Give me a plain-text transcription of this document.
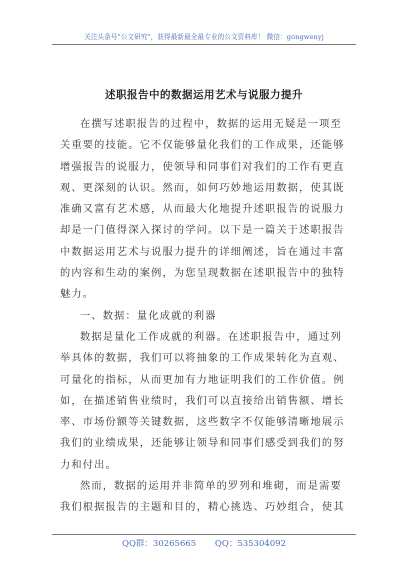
关注头条号"公文研究"，获得最新最全最专业的公文资料库！ 微信：gongwenyj
述职报告中的数据运用艺术与说服力提升
在撰写述职报告的过程中，数据的运用无疑是一项至
关重要的技能。它不仅能够量化我们的工作成果，还能够
增强报告的说服力，使领导和同事们对我们的工作有更直
观、更深刻的认识。然而，如何巧妙地运用数据，使其既
准确又富有艺术感，从而最大化地提升述职报告的说服力
却是一门值得深入探讨的学问。以下是一篇关于述职报告
中数据运用艺术与说服力提升的详细阐述，旨在通过丰富
的内容和生动的案例，为您呈现数据在述职报告中的独特
魅力。
一、数据：量化成就的利器
数据是量化工作成就的利器。在述职报告中，通过列
举具体的数据，我们可以将抽象的工作成果转化为直观、
可量化的指标，从而更加有力地证明我们的工作价值。例
如，在描述销售业绩时，我们可以直接给出销售额、增长
率、市场份额等关键数据，这些数字不仅能够清晰地展示
我们的业绩成果，还能够让领导和同事们感受到我们的努
力和付出。
然而，数据的运用并非简单的罗列和堆砌，而是需要
我们根据报告的主题和目的，精心挑选、巧妙组合，使其
QQ群：30265665 QQ：535304092
